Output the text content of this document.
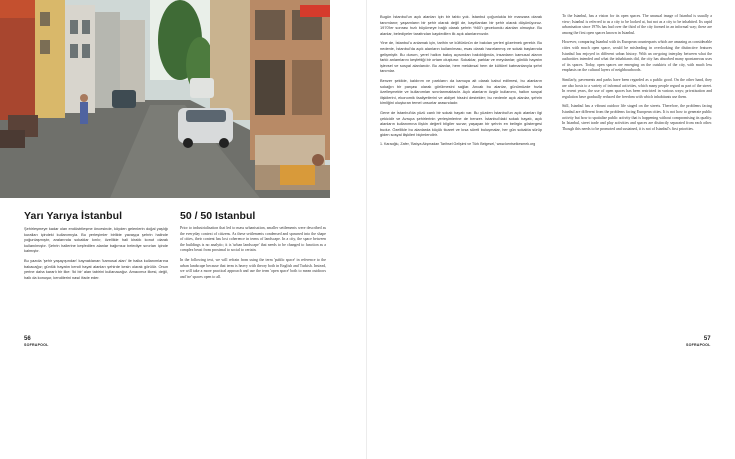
Yarı Yarıya İstanbul	50 / 50 Istanbul

Şehirleşmeye kadar olan endüstrileşme öncesinde, köyden gelenlerin doğal yaşlığı kuralları içindeki kullanımıyla. Bu yerleşimler birlikte yavaşça şehrin halinde yoğunlaşmıştır, aralarında sokaklar kırılır, özellikle hali kiralık konut olarak kullanılmıştır. Şehrin hallerine keşfedilen alanlar bağımsız belediye sınırları içinde kalmıştır.

Bu yazıda 'şehir yaşayışından' kaynaklanan 'kamusal alan' ile halka kullanımlarına bakacağız; günlük hayatın kendi hayat alanları şehirde kesin olarak görülür. Onun yerine daha kararlı bir ilke: 'iki bir' alan tabirini kullanacağız. Amacımız ilkesi, değil, halk da konuşur, kendilerini nasıl ifade eder.

Prior to industrialisation that led to mass urbanisation, smaller settlements were described as the everyday context of citizens. As these settlements condensed and spawned into the shape of cities, their content has lost coherence in terms of landscape. In a city, the space between the buildings is no analytic; it is 'urban landscape' that needs to be changed to function as a complex beast from proximal to social to certain.

In the following text, we will refrain from using the term 'public space' in reference to the urban landscape because that term is heavy with theory both in English and Turkish. Instead, we will take a more practical approach and use the term 'open space' both to mean outdoors and 'ne' spaces open to all.

56
SOFRAPOOL

Bugün İstanbul'un açık alanları için bir tablo yok. İstanbul çoğunlukla bir manzara olarak tanımlanır; yaşamların bir şehir olarak değil de, kayıtlardan bir şehir olarak düşünüyoruz. 1970'ler sonrası hızlı büyümeye bağlı olarak şehrin %60'ı gecekondu alanları olmuştur. Bu alanlar, belediyeler tarafından kaydedilen ilk açık alanlarımızdır.

Yine de, İstanbul'u anlamak için, tarihin ve kültürünün de bakılan yerleri gözetmek gerekir. Bu nedenle, İstanbul'da açık alanların kullanılması, esas olarak hazırlanmış ve sokak başlarında gelişmiştir. Bu durum, yerel halkın bakış açısından bakıldığında, insanların kamusal alanın farklı anlamlarını keşfettiği bir ortam oluşturur. Sokaklar, parklar ve meydanlar; günlük hayatın işlevsel ve sosyal alanlarıdır. Bu alanlar, hem mekânsal hem de kültürel katmanlarıyla şehri tanımlar.

Benzer şekilde, kaldırım ve parkların da kamuya ait olarak kabul edilmesi, bu alanların sokağın bir parçası olarak görülmesini sağlar. Ancak bu alanlar, günümüzde hızla özelleşmekte ve kullanımları sınırlanmaktadır. Açık alanların özgür kullanımı, halkın sosyal ilişkilerini, ekonomik faaliyetlerini ve aidiyet hissini destekler; bu nedenle açık alanlar, şehrin kimliğini oluşturan temel unsurlar arasındadır.

Gene de İstanbul'da yüzü canlı bir sokak hayatı var. Bu yüzden İstanbul'un açık alanları ilgi çekicidir ve Avrupa şehirlerinin yerleşimlerine de benzer. İstanbul'daki sokak hayatı, açık alanların kullanımına ilişkin değerli bilgiler sunar; yaşayan bir şehrin en belirgin göstergesi budur. Özellikle bu alanlarda küçük ticaret ve kısa süreli buluşmalar, her gün sokakta sürüp giden sosyal ilişkileri biçimlendirir.

1. Karaoğlu, Zafer, 'Batıya Alışmadan Tarihsel Gelişimi ve Türk Belgesel,' www.kentselkesmek.org

To the Istanbul, has a vision for its open spaces. The unusual image of Istanbul is usually a view; Istanbul is referred to as a city to be looked at, but not as a city to be inhabited. Its rapid urbanisation since 1970s has had over the third of the city formed in an informal way; these are among the first open spaces known in Istanbul.

However, comparing Istanbul with its European counterparts which are amazing as considerable cities with much open space, would be misleading in overlooking the distinctive features Istanbul has enjoyed in different urban history. With an on-going interplay between what the authorities intended and what the inhabitants did, the city has absorbed many spontaneous uses of its spaces. Today, open spaces are emerging on the outskirts of the city, with much less emphasis on the cultural layers of neighbourhoods.

Similarly, pavements and parks have been regarded as a public good. On the other hand, they are also hosts to a variety of informal activities, which many people regard as part of the street. In recent years, the use of open spaces has been restricted in various ways; privatisation and regulation have gradually reduced the freedom with which inhabitants use them.

Still, Istanbul has a vibrant outdoor life staged on the streets. Therefore, the problems facing Istanbul are different from the problems facing European cities. It is not how to generate public activity but how to spatialise public activity that is happening without compromising its quality. In Istanbul, street trade and play activities and spaces are distinctly separated from each other. Though this needs to be promoted and sustained, it is not of Istanbul's first priorities.

57
SOFRAPOOL
